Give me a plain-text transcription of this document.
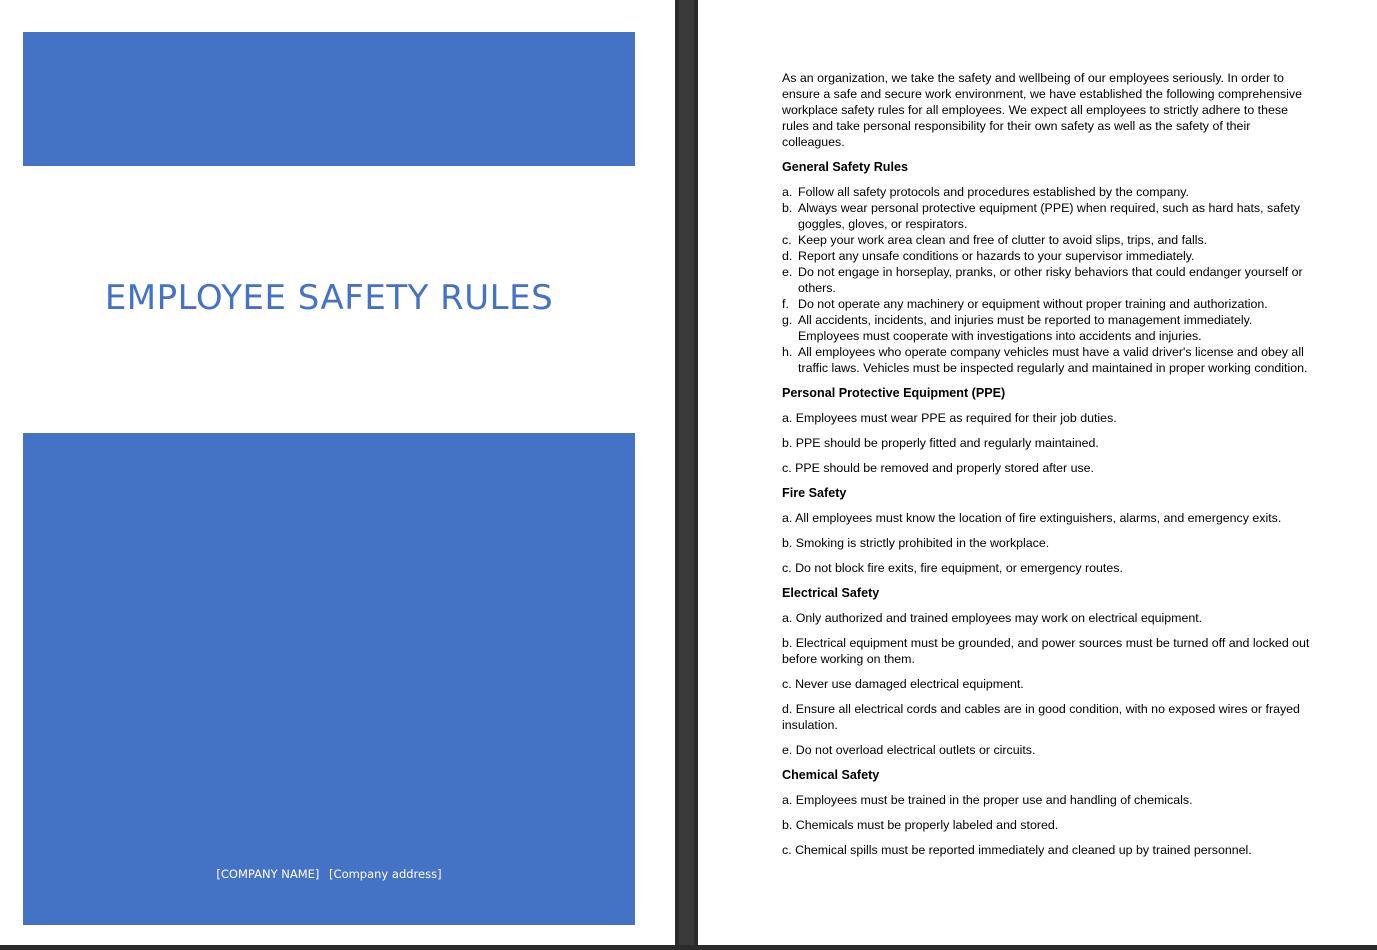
EMPLOYEE SAFETY RULES
[COMPANY NAME] [Company address]

As an organization, we take the safety and wellbeing of our employees seriously. In order to ensure a safe and secure work environment, we have established the following comprehensive workplace safety rules for all employees. We expect all employees to strictly adhere to these rules and take personal responsibility for their own safety as well as the safety of their colleagues.

General Safety Rules
a. Follow all safety protocols and procedures established by the company.
b. Always wear personal protective equipment (PPE) when required, such as hard hats, safety goggles, gloves, or respirators.
c. Keep your work area clean and free of clutter to avoid slips, trips, and falls.
d. Report any unsafe conditions or hazards to your supervisor immediately.
e. Do not engage in horseplay, pranks, or other risky behaviors that could endanger yourself or others.
f. Do not operate any machinery or equipment without proper training and authorization.
g. All accidents, incidents, and injuries must be reported to management immediately. Employees must cooperate with investigations into accidents and injuries.
h. All employees who operate company vehicles must have a valid driver's license and obey all traffic laws. Vehicles must be inspected regularly and maintained in proper working condition.
Personal Protective Equipment (PPE)

a. Employees must wear PPE as required for their job duties.

b. PPE should be properly fitted and regularly maintained.

c. PPE should be removed and properly stored after use.

Fire Safety

a. All employees must know the location of fire extinguishers, alarms, and emergency exits.

b. Smoking is strictly prohibited in the workplace.

c. Do not block fire exits, fire equipment, or emergency routes.

Electrical Safety

a. Only authorized and trained employees may work on electrical equipment.

b. Electrical equipment must be grounded, and power sources must be turned off and locked out before working on them.

c. Never use damaged electrical equipment.

d. Ensure all electrical cords and cables are in good condition, with no exposed wires or frayed insulation.

e. Do not overload electrical outlets or circuits.

Chemical Safety

a. Employees must be trained in the proper use and handling of chemicals.

b. Chemicals must be properly labeled and stored.

c. Chemical spills must be reported immediately and cleaned up by trained personnel.
